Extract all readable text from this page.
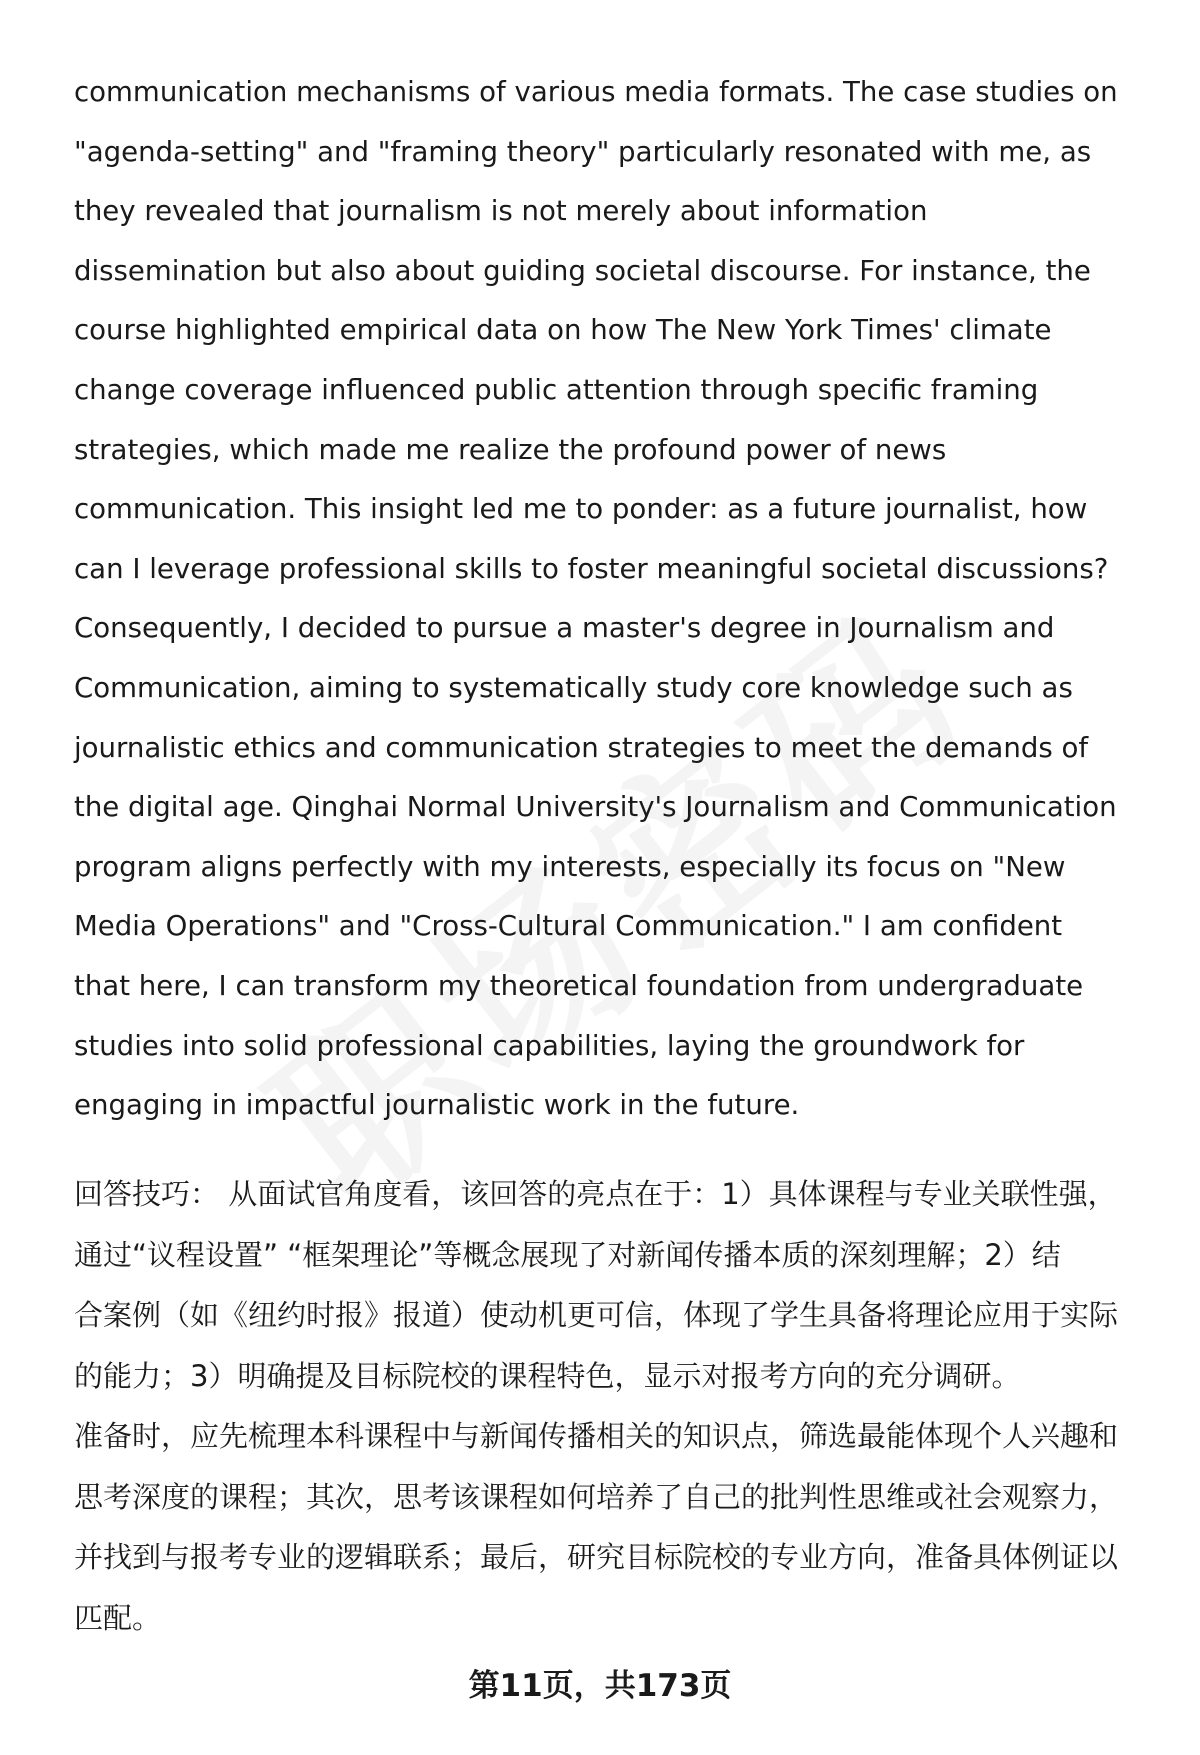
communication mechanisms of various media formats. The case studies on
"agenda-setting" and "framing theory" particularly resonated with me, as
they revealed that journalism is not merely about information
dissemination but also about guiding societal discourse. For instance, the
course highlighted empirical data on how The New York Times' climate
change coverage influenced public attention through specific framing
strategies, which made me realize the profound power of news
communication. This insight led me to ponder: as a future journalist, how
can I leverage professional skills to foster meaningful societal discussions?
Consequently, I decided to pursue a master's degree in Journalism and
Communication, aiming to systematically study core knowledge such as
journalistic ethics and communication strategies to meet the demands of
the digital age. Qinghai Normal University's Journalism and Communication
program aligns perfectly with my interests, especially its focus on "New
Media Operations" and "Cross-Cultural Communication." I am confident
that here, I can transform my theoretical foundation from undergraduate
studies into solid professional capabilities, laying the groundwork for
engaging in impactful journalistic work in the future.
回答技巧： 从面试官角度看，该回答的亮点在于：1）具体课程与专业关联性强，
通过“议程设置” “框架理论”等概念展现了对新闻传播本质的深刻理解；2）结
合案例（如《纽约时报》报道）使动机更可信，体现了学生具备将理论应用于实际
的能力；3）明确提及目标院校的课程特色，显示对报考方向的充分调研。
准备时，应先梳理本科课程中与新闻传播相关的知识点，筛选最能体现个人兴趣和
思考深度的课程；其次，思考该课程如何培养了自己的批判性思维或社会观察力，
并找到与报考专业的逻辑联系；最后，研究目标院校的专业方向，准备具体例证以
匹配。
第11页，共173页
